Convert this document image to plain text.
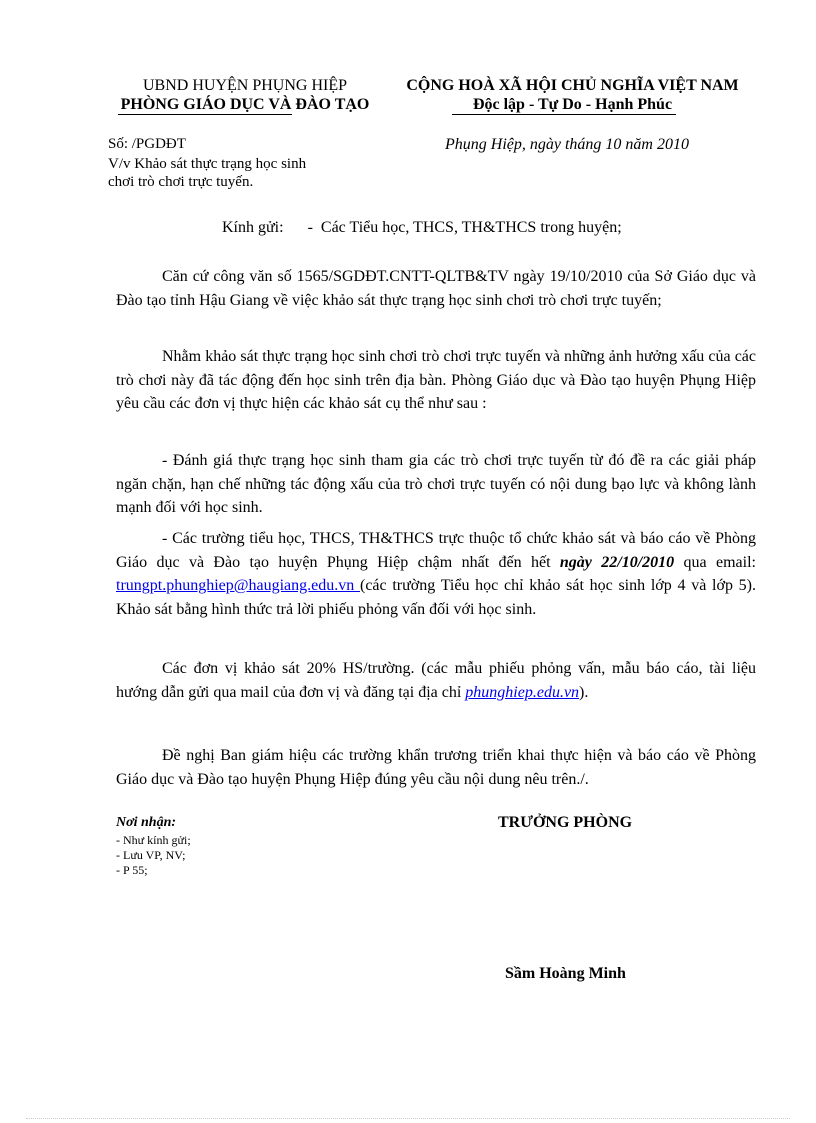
UBND HUYỆN PHỤNG HIỆP
PHÒNG GIÁO DỤC VÀ ĐÀO TẠO
CỘNG HOÀ XÃ HỘI CHỦ NGHĨA VIỆT NAM
Độc lập - Tự Do - Hạnh Phúc
Số: /PGDĐT	Phụng Hiệp, ngày tháng 10 năm 2010
V/v Khảo sát thực trạng học sinh
chơi trò chơi trực tuyến.
Kính gửi:      -  Các Tiểu học, THCS, TH&THCS trong huyện;
Căn cứ công văn số 1565/SGDĐT.CNTT-QLTB&TV ngày 19/10/2010 của Sở Giáo dục và Đào tạo tỉnh Hậu Giang về việc khảo sát thực trạng học sinh chơi trò chơi trực tuyến;
Nhằm khảo sát thực trạng học sinh chơi trò chơi trực tuyến và những ảnh hưởng xấu của các trò chơi này đã tác động đến học sinh trên địa bàn. Phòng Giáo dục và Đào tạo huyện Phụng Hiệp yêu cầu các đơn vị thực hiện các khảo sát cụ thể như sau :
- Đánh giá thực trạng học sinh tham gia các trò chơi trực tuyến từ đó đề ra các giải pháp ngăn chặn, hạn chế những tác động xấu của trò chơi trực tuyến có nội dung bạo lực và không lành mạnh đối với học sinh.
- Các trường tiểu học, THCS, TH&THCS trực thuộc tổ chức khảo sát và báo cáo về Phòng Giáo dục và Đào tạo huyện Phụng Hiệp chậm nhất đến hết ngày 22/10/2010 qua email:  trungpt.phunghiep@haugiang.edu.vn (các trường Tiểu học chỉ khảo sát học sinh lớp 4 và lớp 5). Khảo sát bằng hình thức trả lời phiếu phỏng vấn đối với học sinh.
Các đơn vị khảo sát 20% HS/trường. (các mẫu phiếu phỏng vấn, mẫu báo cáo, tài liệu hướng dẫn gửi qua mail của đơn vị và đăng tại địa chỉ phunghiep.edu.vn).
Đề nghị Ban giám hiệu các trường khẩn trương triển khai thực hiện và báo cáo về Phòng Giáo dục và Đào tạo huyện Phụng Hiệp đúng yêu cầu nội dung nêu trên./.
Nơi nhận:
- Như kính gửi;
- Lưu VP, NV;
- P 55;
TRƯỞNG PHÒNG
Sầm Hoàng Minh
